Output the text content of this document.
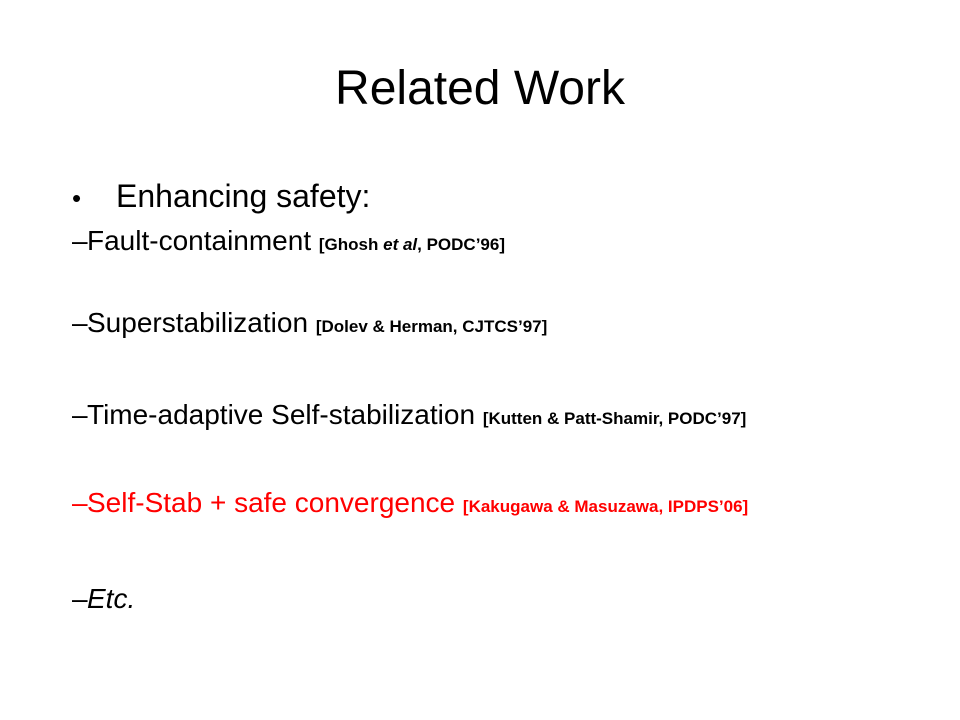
Related Work
• Enhancing safety:
– Fault-containment [Ghosh et al, PODC’96]
– Superstabilization [Dolev & Herman, CJTCS’97]
– Time-adaptive Self-stabilization [Kutten & Patt-Shamir, PODC’97]
– Self-Stab + safe convergence [Kakugawa & Masuzawa, IPDPS’06]
– Etc.
